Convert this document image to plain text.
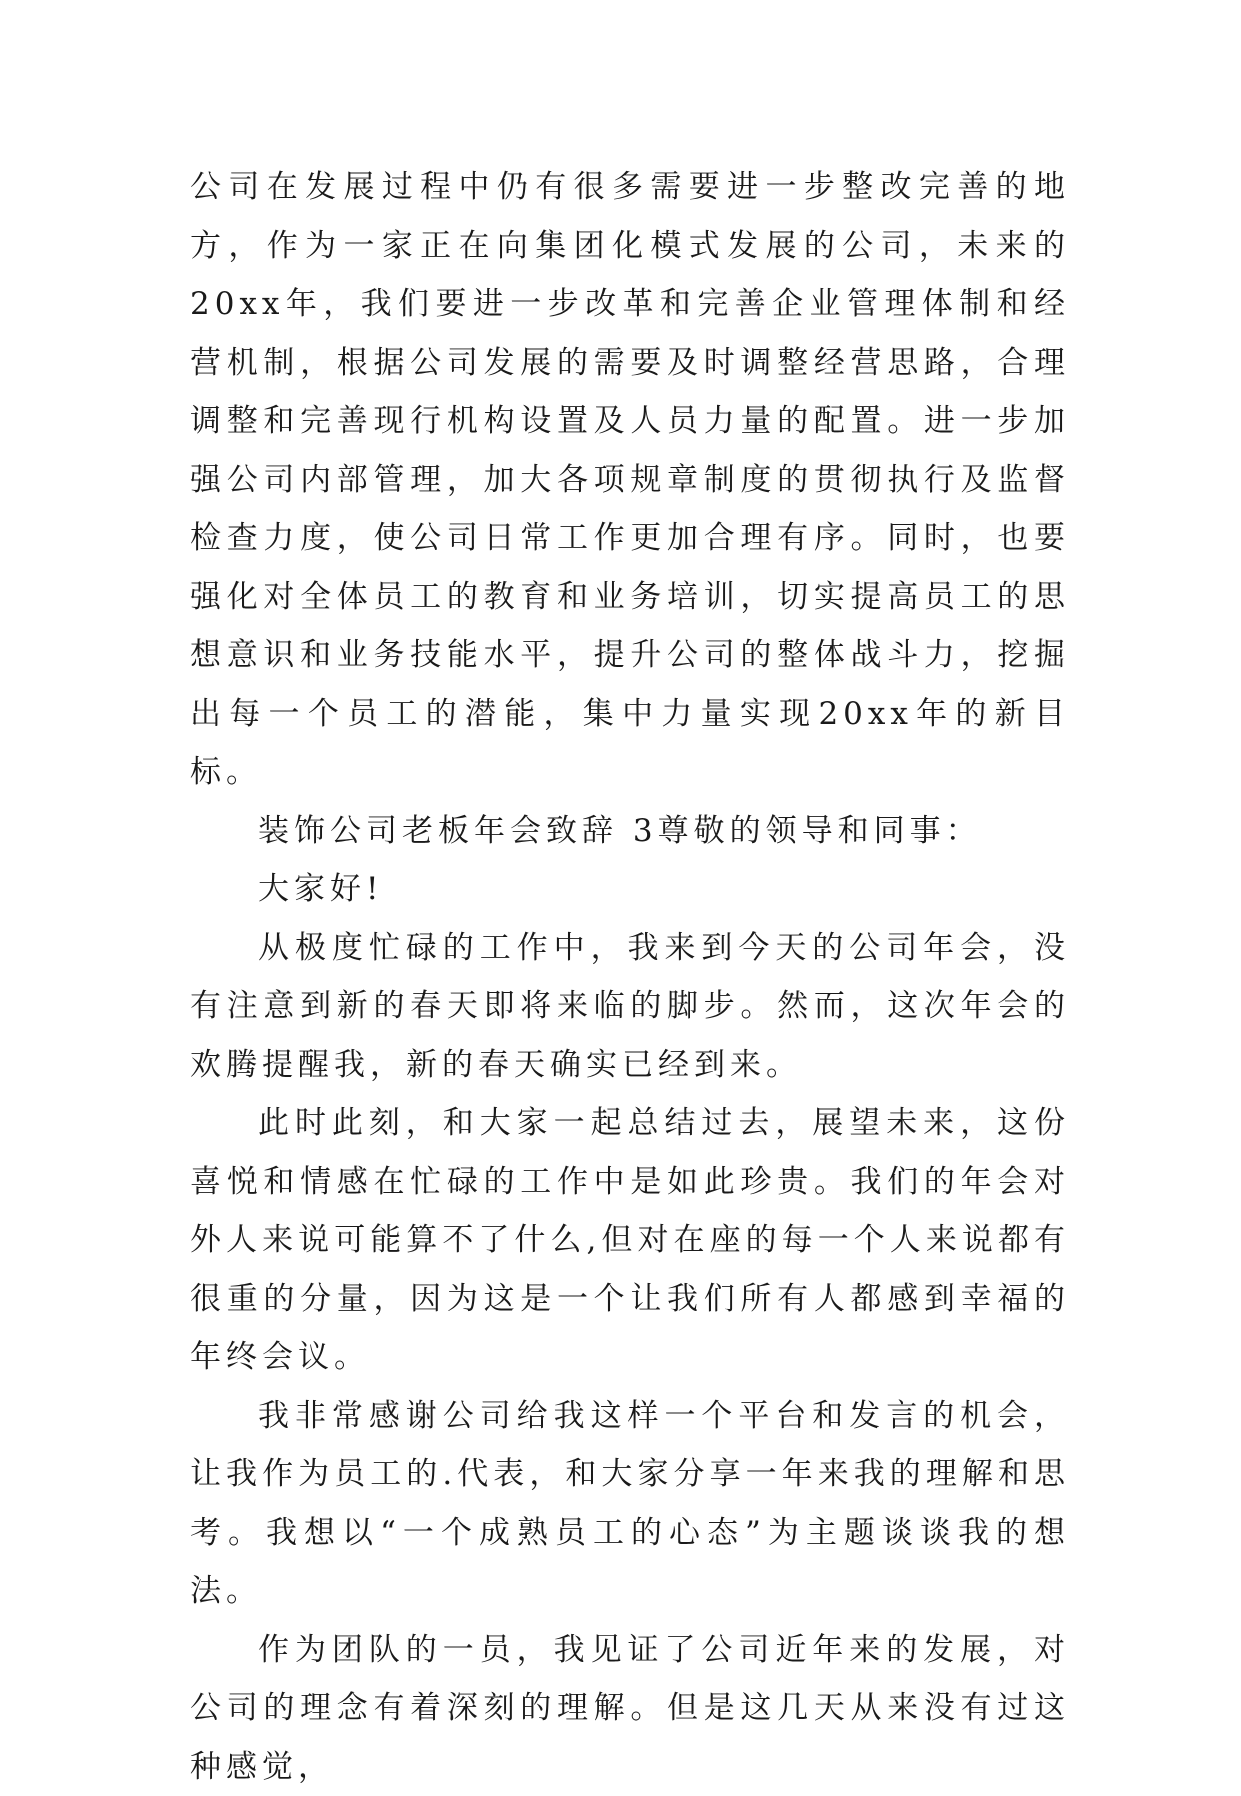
公司在发展过程中仍有很多需要进一步整改完善的地方，作为一家正在向集团化模式发展的公司，未来的20xx年，我们要进一步改革和完善企业管理体制和经营机制，根据公司发展的需要及时调整经营思路，合理调整和完善现行机构设置及人员力量的配置。进一步加强公司内部管理，加大各项规章制度的贯彻执行及监督检查力度，使公司日常工作更加合理有序。同时，也要强化对全体员工的教育和业务培训，切实提高员工的思想意识和业务技能水平，提升公司的整体战斗力，挖掘出每一个员工的潜能，集中力量实现20xx年的新目标。

装饰公司老板年会致辞 3尊敬的领导和同事：

大家好!

从极度忙碌的工作中，我来到今天的公司年会，没有注意到新的春天即将来临的脚步。然而，这次年会的欢腾提醒我，新的春天确实已经到来。

此时此刻，和大家一起总结过去，展望未来，这份喜悦和情感在忙碌的工作中是如此珍贵。我们的年会对外人来说可能算不了什么,但对在座的每一个人来说都有很重的分量，因为这是一个让我们所有人都感到幸福的年终会议。

我非常感谢公司给我这样一个平台和发言的机会，让我作为员工的.代表，和大家分享一年来我的理解和思考。我想以“一个成熟员工的心态”为主题谈谈我的想法。

作为团队的一员，我见证了公司近年来的发展，对公司的理念有着深刻的理解。但是这几天从来没有过这种感觉，
